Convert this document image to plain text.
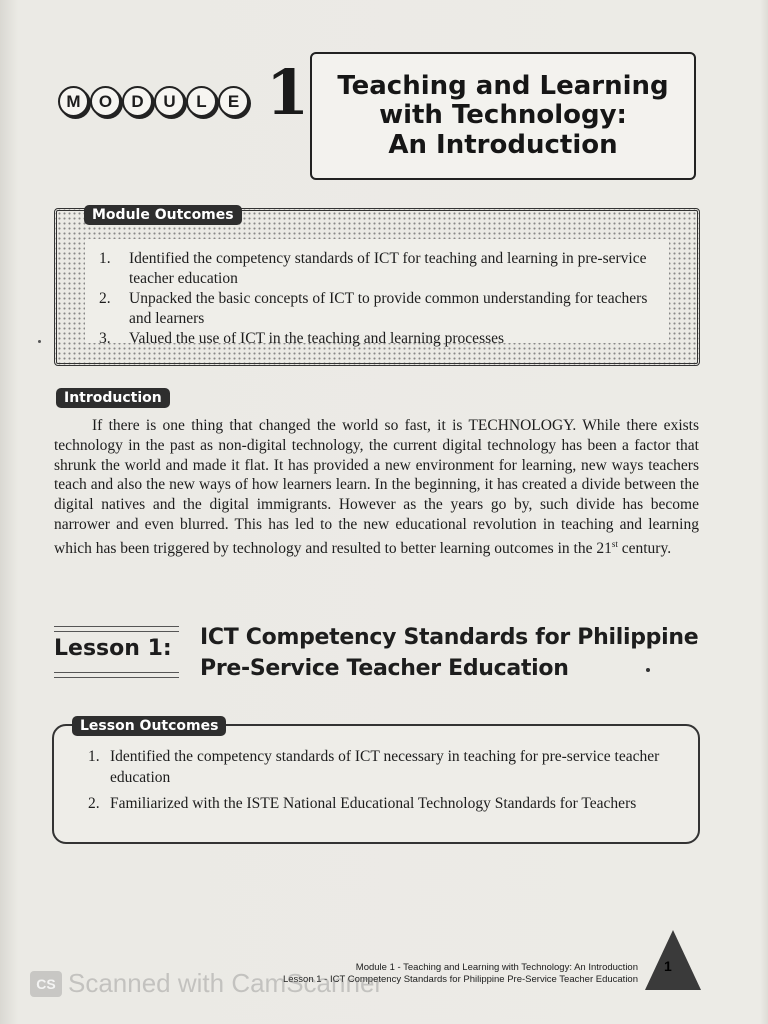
M	O	D	U	L	E 1 Teaching and Learning
with Technology:
An Introduction
1.	Identified the competency standards of ICT for teaching and learning in pre-service teacher education
2.	Unpacked the basic concepts of ICT to provide common understanding for teachers and learners
3.	Valued the use of ICT in the teaching and learning processes
Module Outcomes
Introduction
If there is one thing that changed the world so fast, it is TECHNOLOGY. While there exists technology in the past as non-digital technology, the current digital technology has been a factor that shrunk the world and made it flat. It has provided a new environment for learning, new ways teachers teach and also the new ways of how learners learn. In the beginning, it has created a divide between the digital natives and the digital immigrants. However as the years go by, such divide has become narrower and even blurred. This has led to the new educational revolution in teaching and learning which has been triggered by technology and resulted to better learning outcomes in the 21st century.
Lesson 1: ICT Competency Standards for Philippine
Pre-Service Teacher Education
1. Identified the competency standards of ICT necessary in teaching for pre-service teacher education
2. Familiarized with the ISTE National Educational Technology Standards for Teachers
Lesson Outcomes
Module 1 - Teaching and Learning with Technology: An Introduction
Lesson 1 - ICT Competency Standards for Philippine Pre-Service Teacher Education
1
CS Scanned with CamScanner
